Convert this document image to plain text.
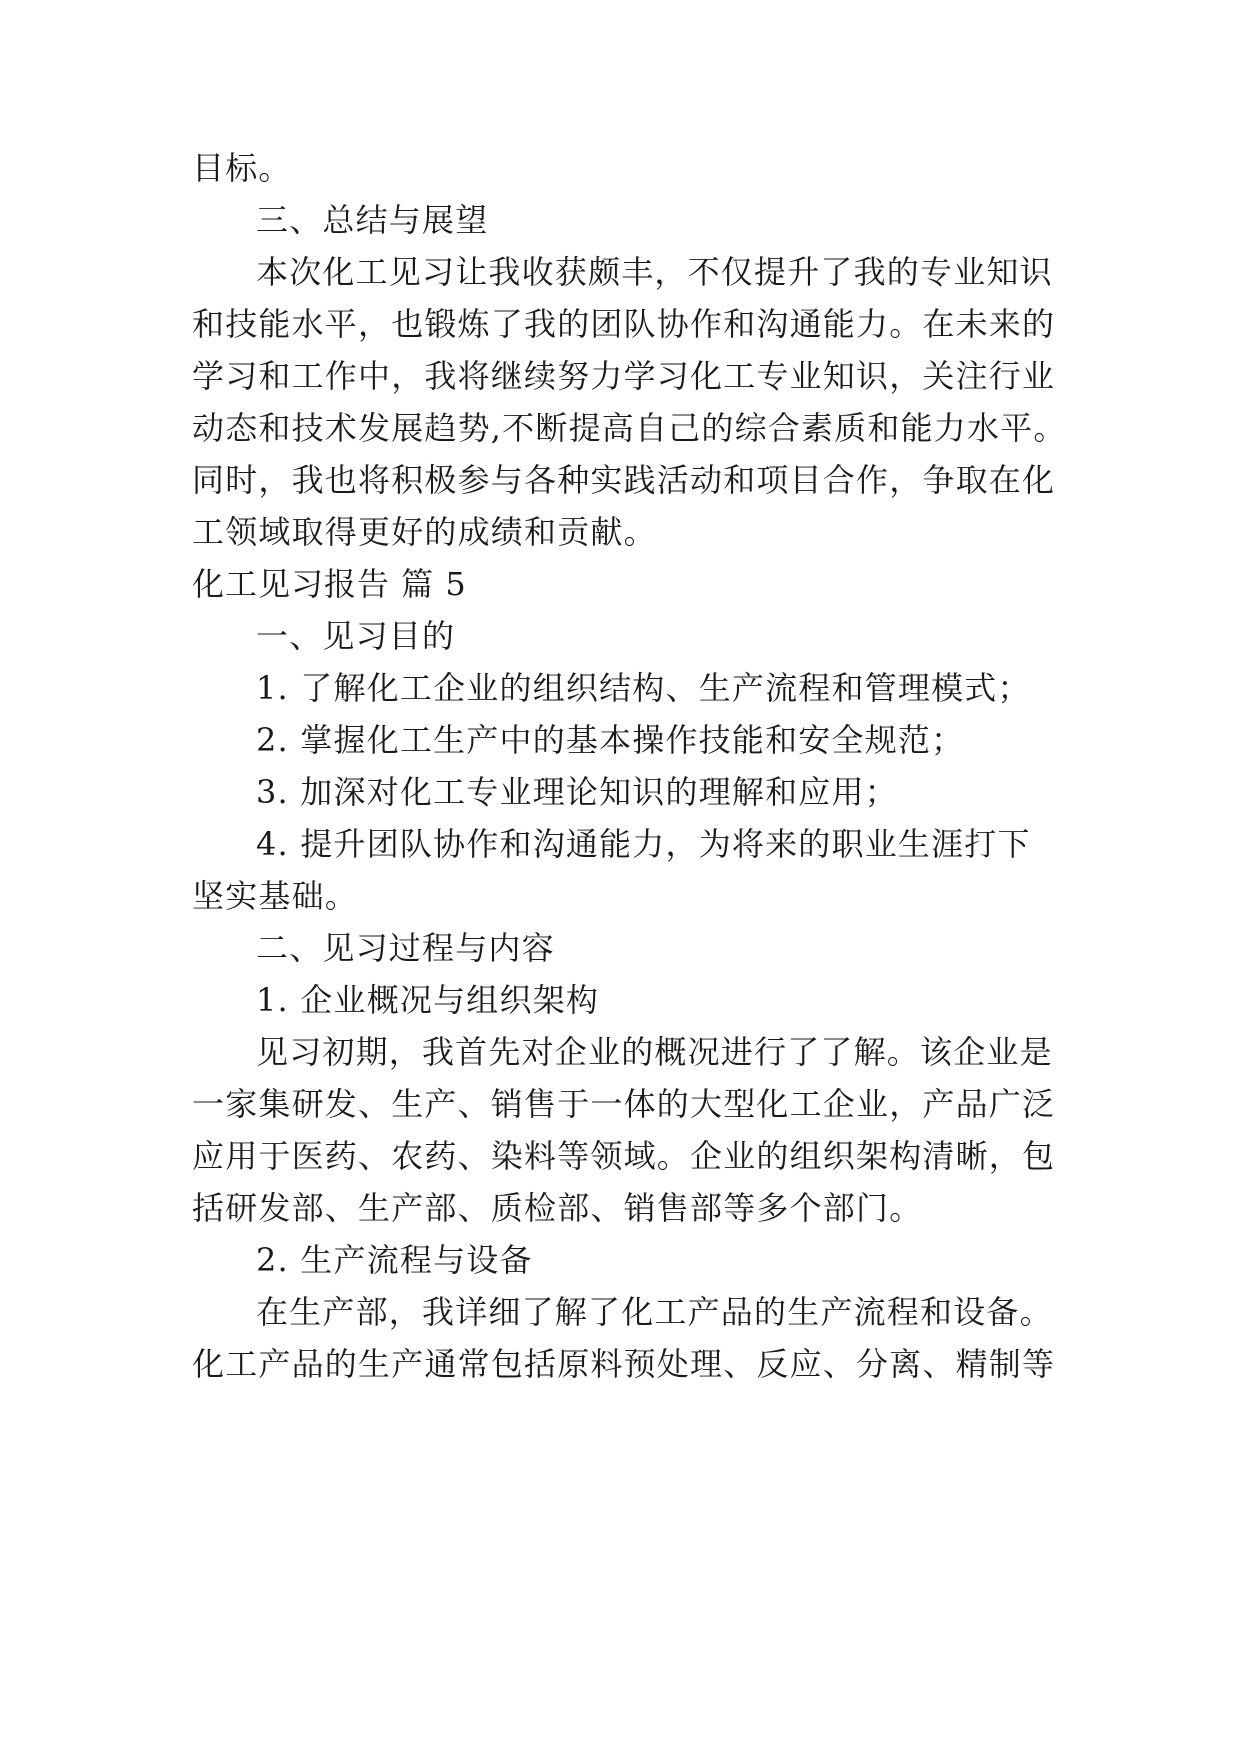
目标。
三、总结与展望
本次化工见习让我收获颇丰，不仅提升了我的专业知识
和技能水平，也锻炼了我的团队协作和沟通能力。在未来的
学习和工作中，我将继续努力学习化工专业知识，关注行业
动态和技术发展趋势,不断提高自己的综合素质和能力水平。
同时，我也将积极参与各种实践活动和项目合作，争取在化
工领域取得更好的成绩和贡献。
化工见习报告 篇 5
一、见习目的
1. 了解化工企业的组织结构、生产流程和管理模式；
2. 掌握化工生产中的基本操作技能和安全规范；
3. 加深对化工专业理论知识的理解和应用；
4. 提升团队协作和沟通能力，为将来的职业生涯打下
坚实基础。
二、见习过程与内容
1. 企业概况与组织架构
见习初期，我首先对企业的概况进行了了解。该企业是
一家集研发、生产、销售于一体的大型化工企业，产品广泛
应用于医药、农药、染料等领域。企业的组织架构清晰，包
括研发部、生产部、质检部、销售部等多个部门。
2. 生产流程与设备
在生产部，我详细了解了化工产品的生产流程和设备。
化工产品的生产通常包括原料预处理、反应、分离、精制等
